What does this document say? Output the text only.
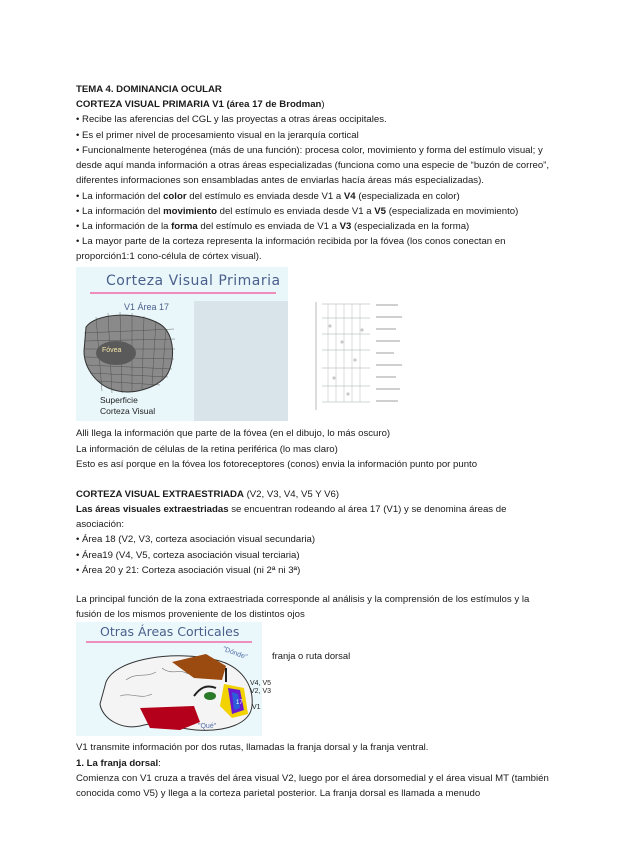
TEMA 4. DOMINANCIA OCULAR

CORTEZA VISUAL PRIMARIA V1 (área 17 de Brodman)

• Recibe las aferencias del CGL y las proyectas a otras áreas occipitales.

• Es el primer nivel de procesamiento visual en la jerarquía cortical

• Funcionalmente heterogénea (más de una función): procesa color, movimiento y forma del estímulo visual; y desde aquí manda información a otras áreas especializadas (funciona como una especie de “buzón de correo”, diferentes informaciones son ensambladas antes de enviarlas hacía áreas más especializadas).

• La información del color del estímulo es enviada desde V1 a V4 (especializada en color)

• La información del movimiento del estímulo es enviada desde V1 a V5 (especializada en movimiento)

• La información de la forma del estímulo es enviada de V1 a V3 (especializada en la forma)

• La mayor parte de la corteza representa la información recibida por la fóvea (los conos conectan en proporción1:1 cono-célula de córtex visual).

Corteza Visual Primaria
V1 Área 17
Fóvea
Superficie
Corteza Visual

Alli llega la información que parte de la fóvea (en el dibujo, lo más oscuro)

La información de células de la retina periférica (lo mas claro)

Esto es así porque en la fóvea los fotoreceptores (conos) envia la información punto por punto

CORTEZA VISUAL EXTRAESTRIADA (V2, V3, V4, V5 Y V6)

Las áreas visuales extraestriadas se encuentran rodeando al área 17 (V1) y se denomina áreas de asociación:

• Área 18 (V2, V3, corteza asociación visual secundaria)

• Área19 (V4, V5, corteza asociación visual terciaria)

• Área 20 y 21: Corteza asociación visual (ni 2ª ni 3ª)

La principal función de la zona extraestriada corresponde al análisis y la comprensión de los estímulos y la fusión de los mismos proveniente de los distintos ojos

Otras Áreas Corticales
"Dónde"
"Qué"
V4, V5
V2, V3
17
V1
franja o ruta dorsal

V1 transmite información por dos rutas, llamadas la franja dorsal y la franja ventral.

1. La franja dorsal:

Comienza con V1 cruza a través del área visual V2, luego por el área dorsomedial y el área visual MT (también conocida como V5) y llega a la corteza parietal posterior. La franja dorsal es llamada a menudo
